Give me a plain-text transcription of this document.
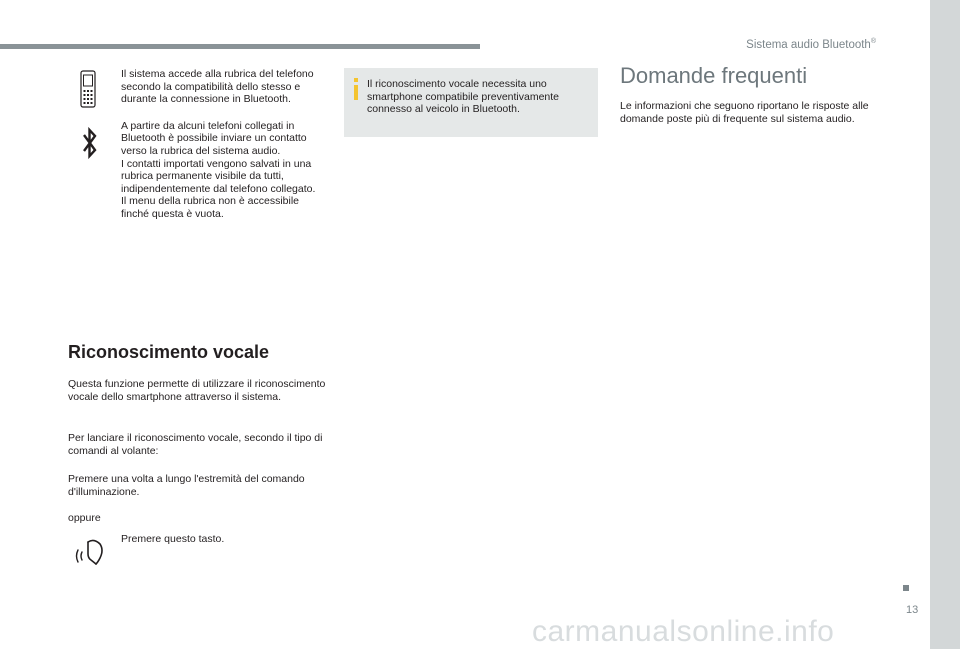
Sistema audio Bluetooth®
Il sistema accede alla rubrica del telefono secondo la compatibilità dello stesso e durante la connessione in Bluetooth.
A partire da alcuni telefoni collegati in Bluetooth è possibile inviare un contatto verso la rubrica del sistema audio.
I contatti importati vengono salvati in una rubrica permanente visibile da tutti, indipendentemente dal telefono collegato.
Il menu della rubrica non è accessibile finché questa è vuota.
Riconoscimento vocale
Questa funzione permette di utilizzare il riconoscimento vocale dello smartphone attraverso il sistema.
Per lanciare il riconoscimento vocale, secondo il tipo di comandi al volante:
Premere una volta a lungo l'estremità del comando d'illuminazione.
oppure
Premere questo tasto.
Il riconoscimento vocale necessita uno smartphone compatibile preventivamente connesso al veicolo in Bluetooth.
Domande frequenti
Le informazioni che seguono riportano le risposte alle domande poste più di frequente sul sistema audio.
13
carmanualsonline.info
